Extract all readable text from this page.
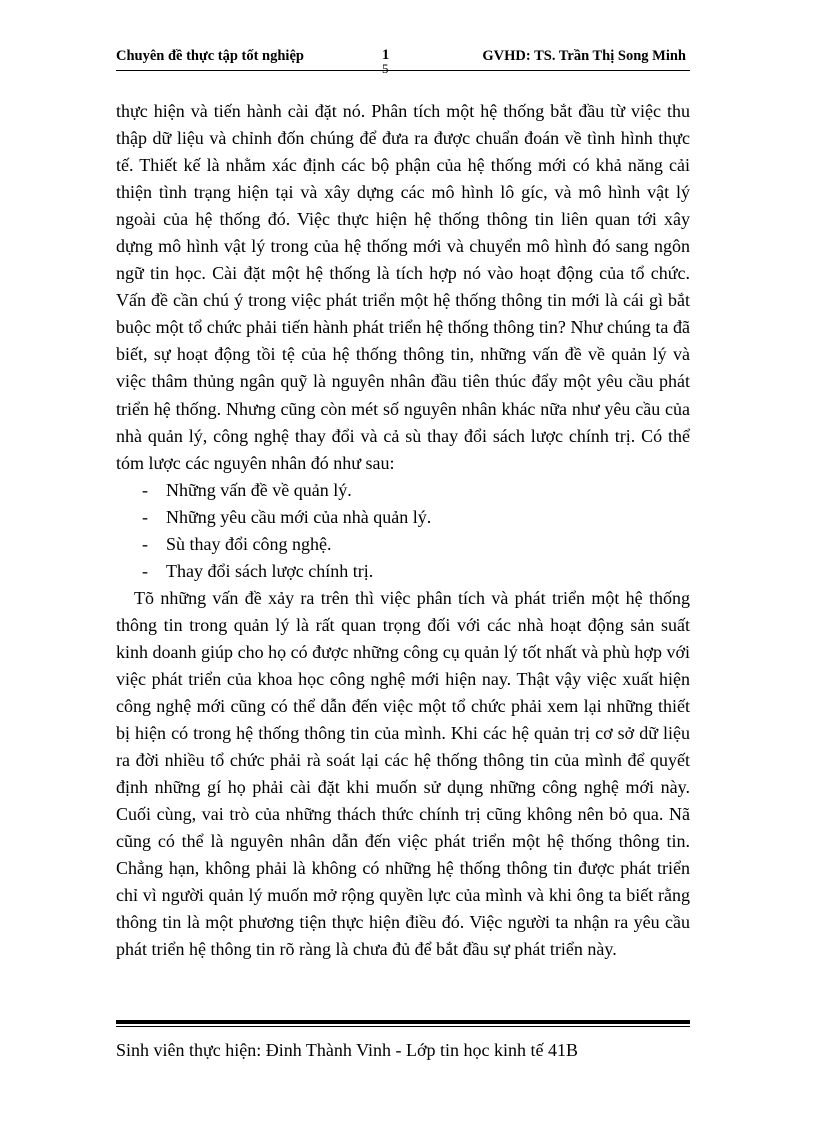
Chuyên đề thực tập tốt nghiệp	1
5
GVHD: TS. Trần Thị Song Minh

thực hiện và tiến hành cài đặt nó. Phân tích một hệ thống bắt đầu từ việc thu thập dữ liệu và chỉnh đốn chúng để đưa ra được chuẩn đoán về tình hình thực tế. Thiết kế là nhằm xác định các bộ phận của hệ thống mới có khả năng cải thiện tình trạng hiện tại và xây dựng các mô hình lô gíc, và mô hình vật lý ngoài của hệ thống đó. Việc thực hiện hệ thống thông tin liên quan tới xây dựng mô hình vật lý trong của hệ thống mới và chuyển mô hình đó sang ngôn ngữ tin học. Cài đặt một hệ thống là tích hợp nó vào hoạt động của tổ chức. Vấn đề cần chú ý trong việc phát triển một hệ thống thông tin mới là cái gì bắt buộc một tổ chức phải tiến hành phát triển hệ thống thông tin? Như chúng ta đã biết, sự hoạt động tồi tệ của hệ thống thông tin, những vấn đề về quản lý và việc thâm thủng ngân quỹ là nguyên nhân đầu tiên thúc đẩy một yêu cầu phát triển hệ thống. Nhưng cũng còn mét số nguyên nhân khác nữa như yêu cầu của nhà quản lý, công nghệ thay đổi và cả sù thay đổi sách lược chính trị. Có thể tóm lược các nguyên nhân đó như sau:

- Những vấn đề về quản lý.
- Những yêu cầu mới của nhà quản lý.
- Sù thay đổi công nghệ.
- Thay đổi sách lược chính trị.

Tõ những vấn đề xảy ra trên thì việc phân tích và phát triển một hệ thống thông tin trong quản lý là rất quan trọng đối với các nhà hoạt động sản suất kinh doanh giúp cho họ có được những công cụ quản lý tốt nhất và phù hợp với việc phát triển của khoa học công nghệ mới hiện nay. Thật vậy việc xuất hiện công nghệ mới cũng có thể dẫn đến việc một tổ chức phải xem lại những thiết bị hiện có trong hệ thống thông tin của mình. Khi các hệ quản trị cơ sở dữ liệu ra đời nhiều tổ chức phải rà soát lại các hệ thống thông tin của mình để quyết định những gí họ phải cài đặt khi muốn sử dụng những công nghệ mới này. Cuối cùng, vai trò của những thách thức chính trị cũng không nên bỏ qua. Nã cũng có thể là nguyên nhân dẫn đến việc phát triển một hệ thống thông tin. Chẳng hạn, không phải là không có những hệ thống thông tin được phát triển chỉ vì người quản lý muốn mở rộng quyền lực của mình và khi ông ta biết rằng thông tin là một phương tiện thực hiện điều đó. Việc người ta nhận ra yêu cầu phát triển hệ thông tin rõ ràng là chưa đủ để bắt đầu sự phát triển này.

Sinh viên thực hiện: Đinh Thành Vinh - Lớp tin học kinh tế 41B
